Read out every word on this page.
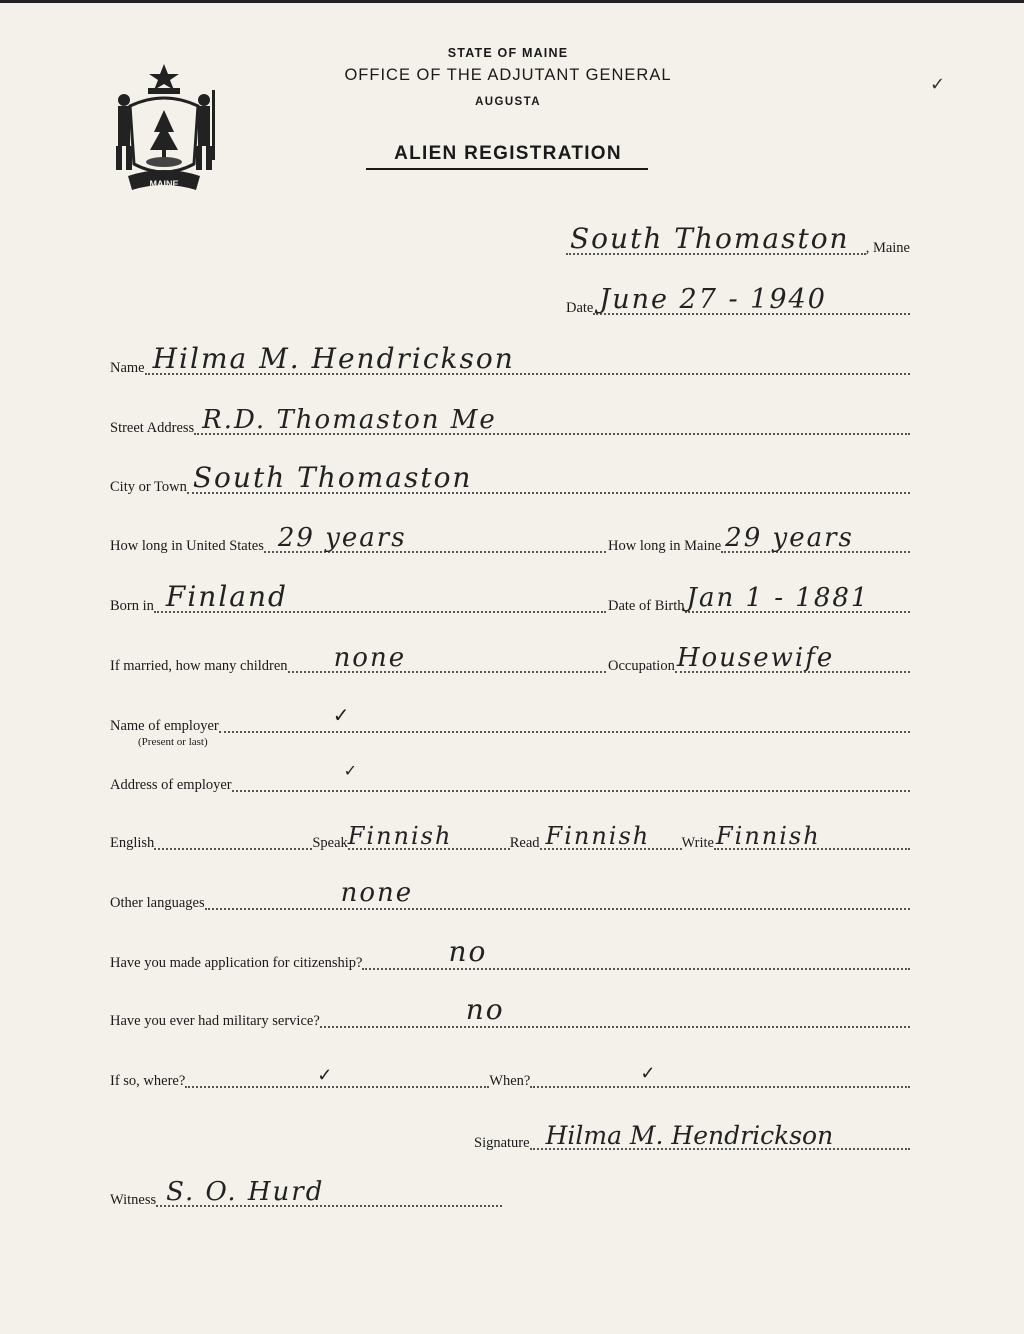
MAINE
STATE OF MAINE
OFFICE OF THE ADJUTANT GENERAL
AUGUSTA
ALIEN REGISTRATION
✓
South Thomaston , Maine
Date June 27 - 1940
Name Hilma M. Hendrickson
Street Address R.D. Thomaston Me
City or Town South Thomaston
How long in United States 29 years	How long in Maine 29 years
Born in Finland	Date of Birth Jan 1 - 1881
If married, how many children none	Occupation Housewife
Name of employer
(Present or last)
✓
Address of employer
✓
English	Speak Finnish	Read Finnish Write Finnish
Other languages	none
Have you made application for citizenship?	no
Have you ever had military service?	no
If so, where?	✓	When?	✓
Signature Hilma M. Hendrickson
Witness S. O. Hurd
